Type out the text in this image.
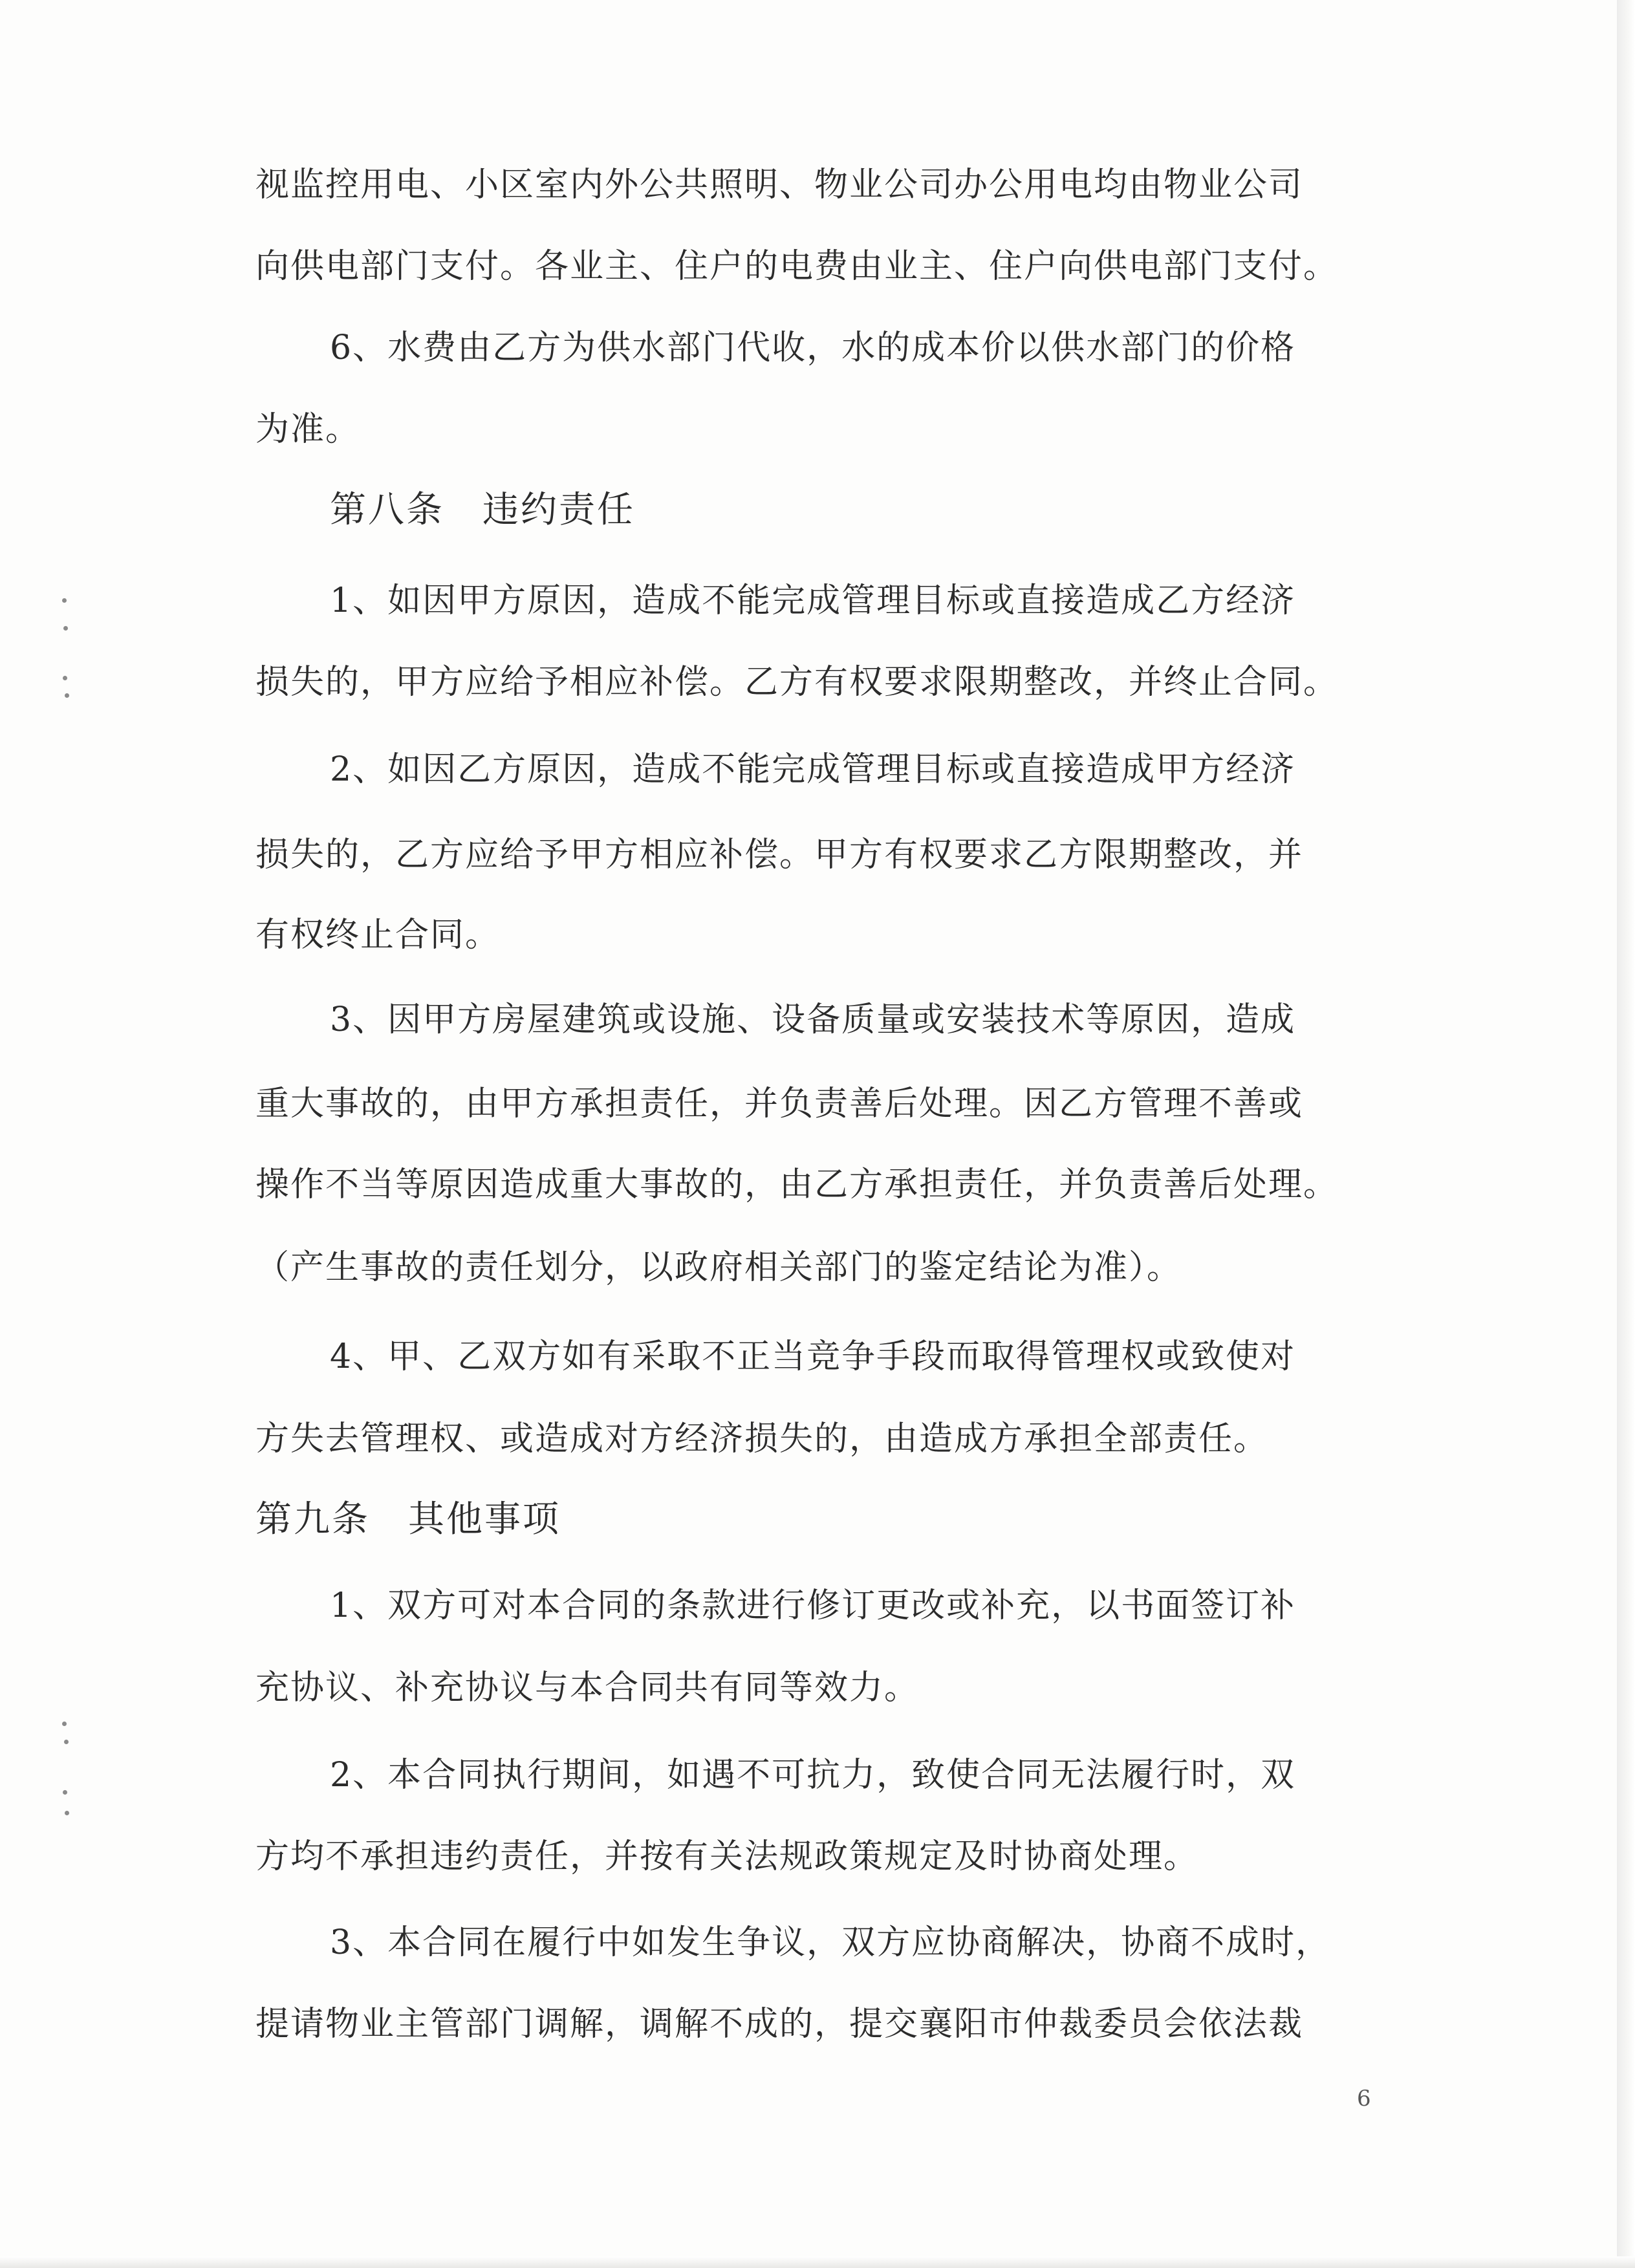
视监控用电、小区室内外公共照明、物业公司办公用电均由物业公司

向供电部门支付。各业主、住户的电费由业主、住户向供电部门支付。

6、水费由乙方为供水部门代收，水的成本价以供水部门的价格

为准。

第八条　违约责任

1、如因甲方原因，造成不能完成管理目标或直接造成乙方经济

损失的，甲方应给予相应补偿。乙方有权要求限期整改，并终止合同。

2、如因乙方原因，造成不能完成管理目标或直接造成甲方经济

损失的，乙方应给予甲方相应补偿。甲方有权要求乙方限期整改，并

有权终止合同。

3、因甲方房屋建筑或设施、设备质量或安装技术等原因，造成

重大事故的，由甲方承担责任，并负责善后处理。因乙方管理不善或

操作不当等原因造成重大事故的，由乙方承担责任，并负责善后处理。

（产生事故的责任划分，以政府相关部门的鉴定结论为准）。

4、甲、乙双方如有采取不正当竞争手段而取得管理权或致使对

方失去管理权、或造成对方经济损失的，由造成方承担全部责任。

第九条　其他事项

1、双方可对本合同的条款进行修订更改或补充，以书面签订补

充协议、补充协议与本合同共有同等效力。

2、本合同执行期间，如遇不可抗力，致使合同无法履行时，双

方均不承担违约责任，并按有关法规政策规定及时协商处理。

3、本合同在履行中如发生争议，双方应协商解决，协商不成时，

提请物业主管部门调解，调解不成的，提交襄阳市仲裁委员会依法裁

6
